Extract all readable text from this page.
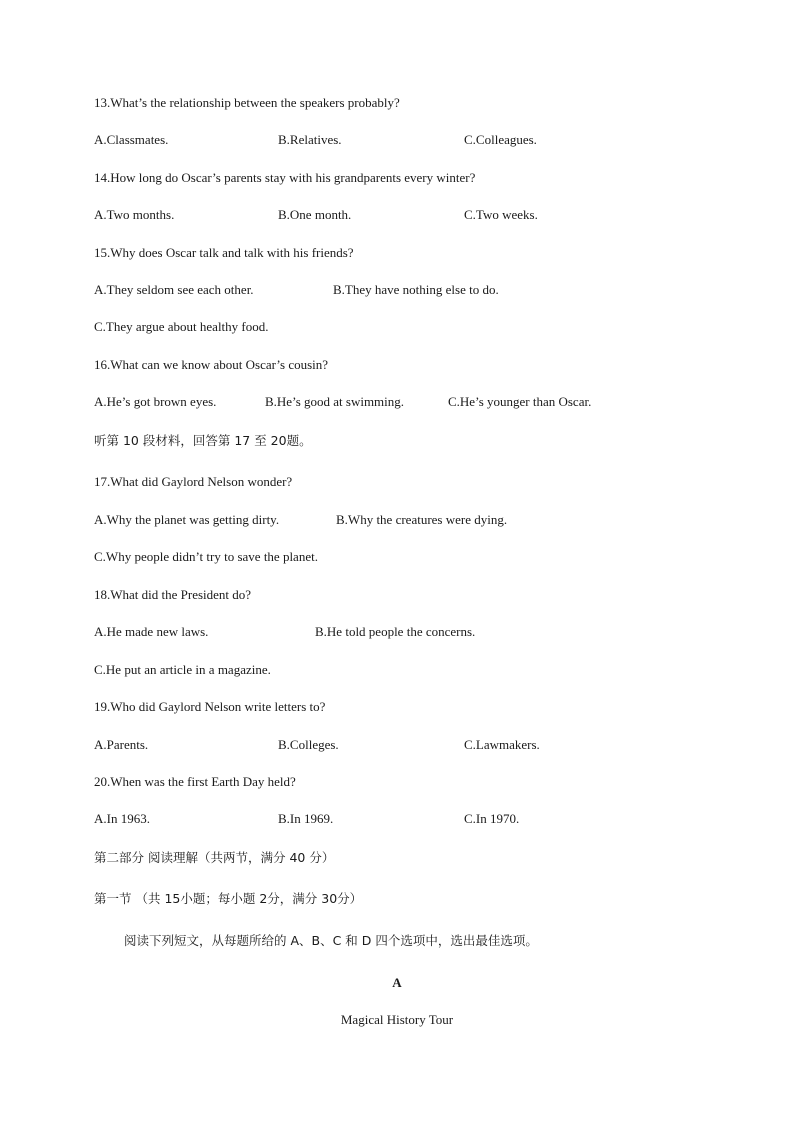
13.What’s the relationship between the speakers probably?
A.Classmates.	B.Relatives.	C.Colleagues.
14.How long do Oscar’s parents stay with his grandparents every winter?
A.Two months.	B.One month.	C.Two weeks.
15.Why does Oscar talk and talk with his friends?
A.They seldom see each other.	B.They have nothing else to do.
C.They argue about healthy food.
16.What can we know about Oscar’s cousin?
A.He’s got brown eyes.	B.He’s good at swimming.	C.He’s younger than Oscar.
听第 10 段材料，回答第 17 至 20题。
17.What did Gaylord Nelson wonder?
A.Why the planet was getting dirty.	B.Why the creatures were dying.
C.Why people didn’t try to save the planet.
18.What did the President do?
A.He made new laws.	B.He told people the concerns.
C.He put an article in a magazine.
19.Who did Gaylord Nelson write letters to?
A.Parents.	B.Colleges.	C.Lawmakers.
20.When was the first Earth Day held?
A.In 1963.	B.In 1969.	C.In 1970.
第二部分 阅读理解（共两节，满分 40 分）
第一节 （共 15小题；每小题 2分，满分 30分）
阅读下列短文，从每题所给的 A、B、C 和 D 四个选项中，选出最佳选项。
A
Magical History Tour
